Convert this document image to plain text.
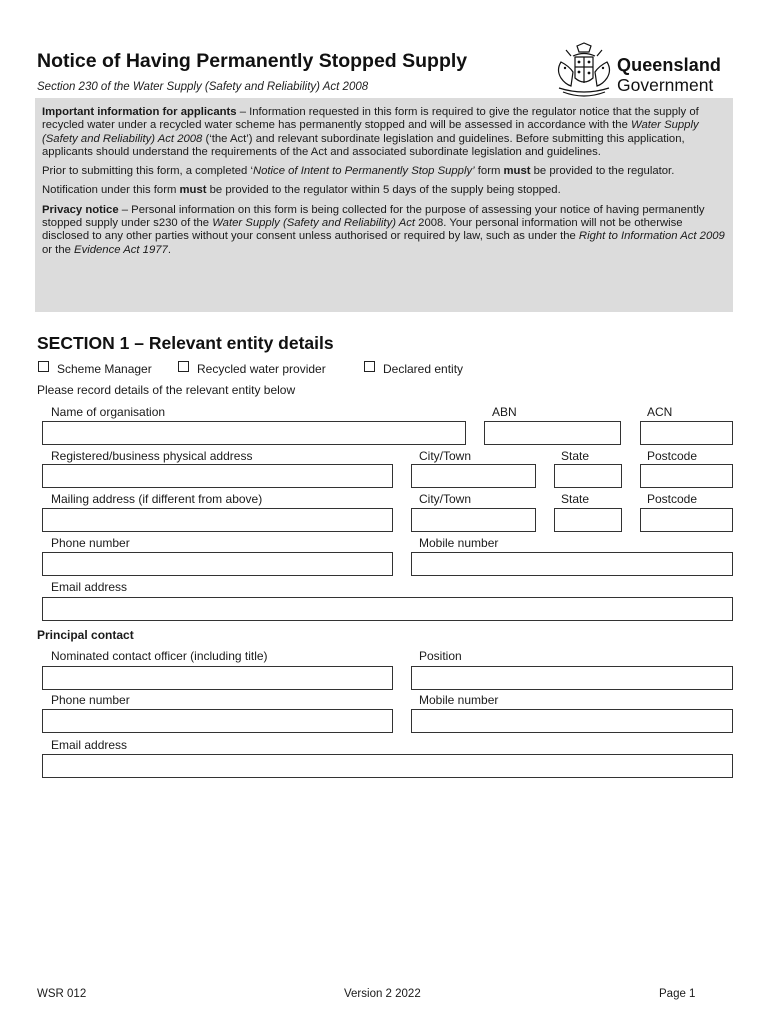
Notice of Having Permanently Stopped Supply
Section 230 of the Water Supply (Safety and Reliability) Act 2008
Queensland
Government

Important information for applicants – Information requested in this form is required to give the regulator notice that the supply of recycled water under a recycled water scheme has permanently stopped and will be assessed in accordance with the Water Supply (Safety and Reliability) Act 2008 (‘the Act’) and relevant subordinate legislation and guidelines. Before submitting this application, applicants should understand the requirements of the Act and associated subordinate legislation and guidelines.

Prior to submitting this form, a completed ‘Notice of Intent to Permanently Stop Supply’ form must be provided to the regulator.

Notification under this form must be provided to the regulator within 5 days of the supply being stopped.

Privacy notice – Personal information on this form is being collected for the purpose of assessing your notice of having permanently stopped supply under s230 of the Water Supply (Safety and Reliability) Act 2008. Your personal information will not be otherwise disclosed to any other parties without your consent unless authorised or required by law, such as under the Right to Information Act 2009 or the Evidence Act 1977.

SECTION 1 – Relevant entity details
Scheme Manager	Recycled water provider	Declared entity
Please record details of the relevant entity below
Name of organisation	ABN	ACN
Registered/business physical address	City/Town	State	Postcode
Mailing address (if different from above)	City/Town	State	Postcode
Phone number	Mobile number
Email address
Principal contact
Nominated contact officer (including title)	Position
Phone number	Mobile number
Email address
WSR 012	Version 2 2022	Page 1
